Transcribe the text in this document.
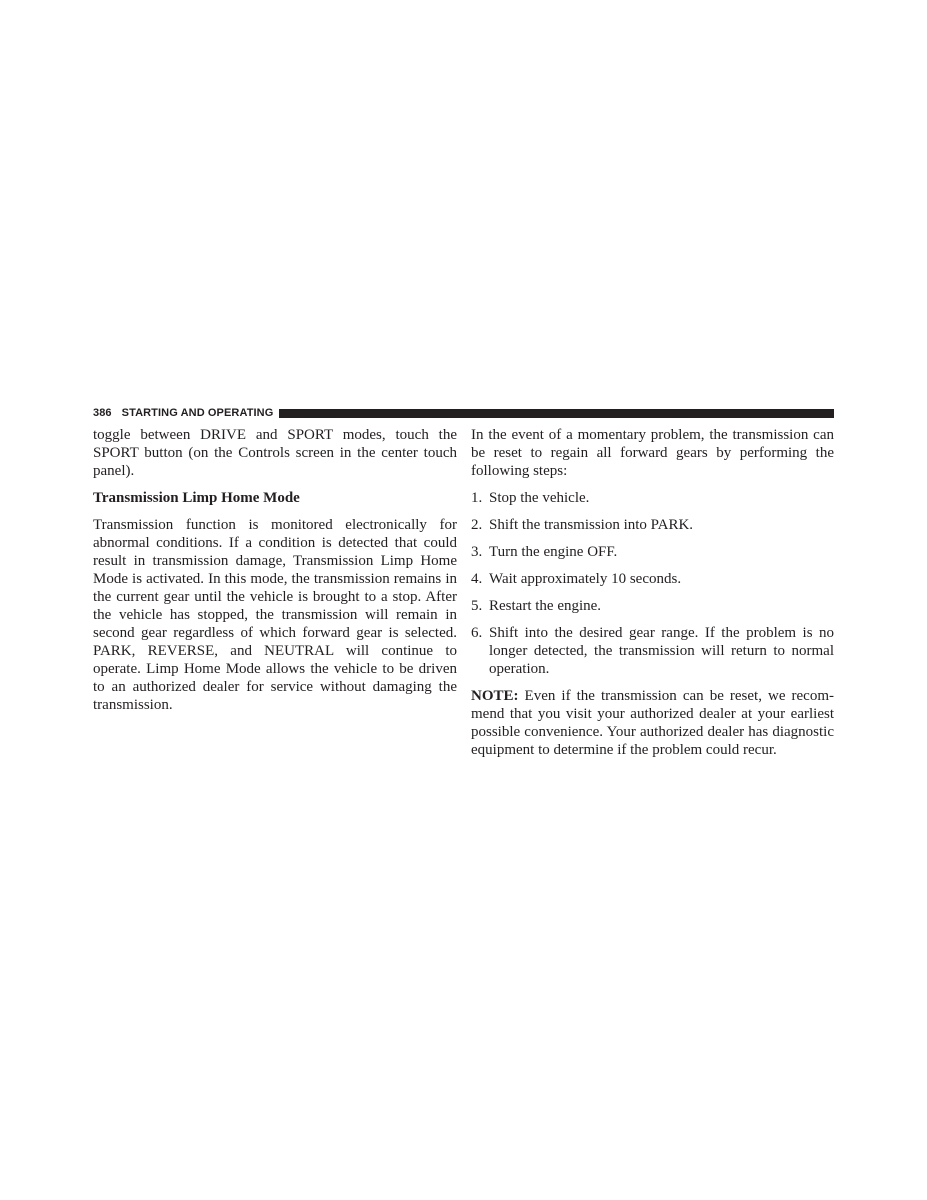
386 STARTING AND OPERATING

toggle between DRIVE and SPORT modes, touch the SPORT button (on the Controls screen in the center touch panel).

Transmission Limp Home Mode

Transmission function is monitored electronically for abnormal conditions. If a condition is detected that could result in transmission damage, Transmission Limp Home Mode is activated. In this mode, the transmission remains in the current gear until the vehicle is brought to a stop. After the vehicle has stopped, the transmission will remain in second gear regardless of which forward gear is selected. PARK, REVERSE, and NEUTRAL will continue to operate. Limp Home Mode allows the vehicle to be driven to an authorized dealer for service without damaging the transmission.

In the event of a momentary problem, the transmission can be reset to regain all forward gears by performing the following steps:

1. Stop the vehicle.
2. Shift the transmission into PARK.
3. Turn the engine OFF.
4. Wait approximately 10 seconds.
5. Restart the engine.
6. Shift into the desired gear range. If the problem is no longer detected, the transmission will return to normal operation.

NOTE: Even if the transmission can be reset, we recommend that you visit your authorized dealer at your earliest possible convenience. Your authorized dealer has diagnostic equipment to determine if the problem could recur.
